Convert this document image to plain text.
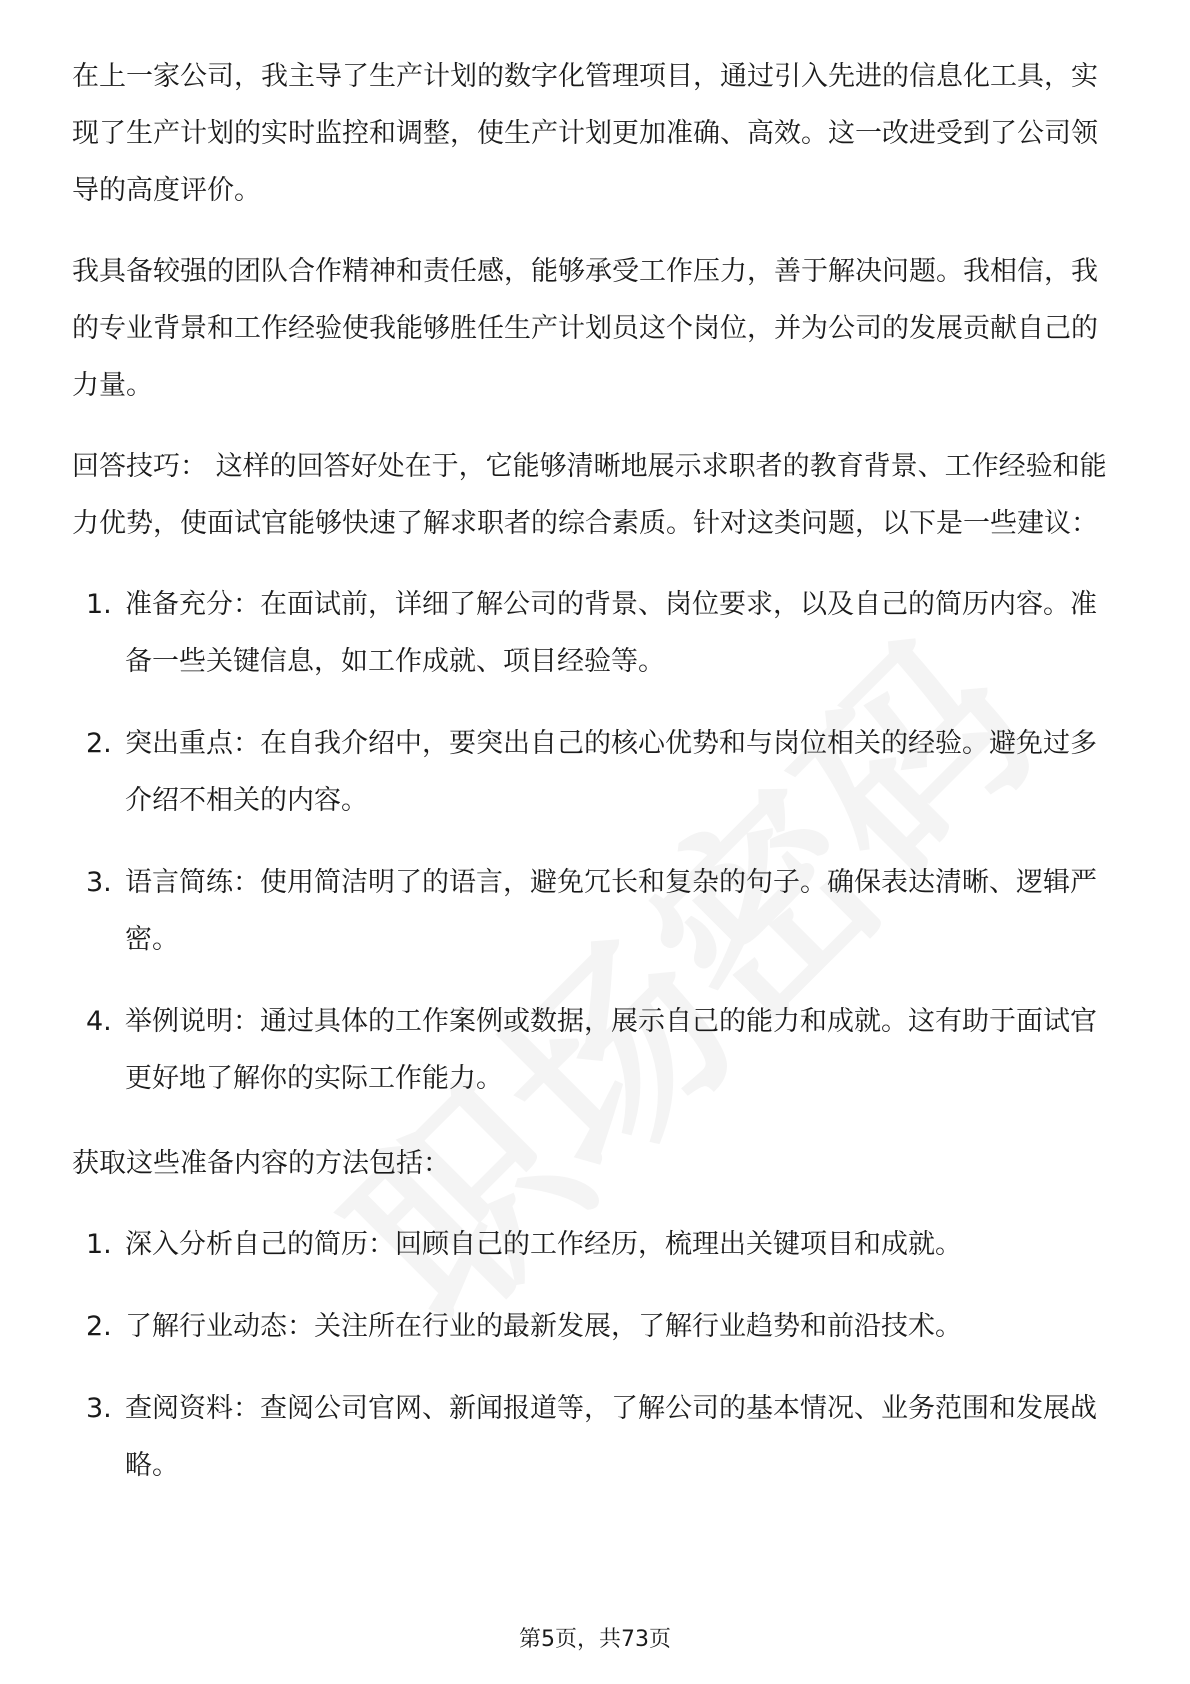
在上一家公司，我主导了生产计划的数字化管理项目，通过引入先进的信息化工具，实现了生产计划的实时监控和调整，使生产计划更加准确、高效。这一改进受到了公司领导的高度评价。

我具备较强的团队合作精神和责任感，能够承受工作压力，善于解决问题。我相信，我的专业背景和工作经验使我能够胜任生产计划员这个岗位，并为公司的发展贡献自己的力量。

回答技巧： 这样的回答好处在于，它能够清晰地展示求职者的教育背景、工作经验和能力优势，使面试官能够快速了解求职者的综合素质。针对这类问题，以下是一些建议：

1. 准备充分：在面试前，详细了解公司的背景、岗位要求，以及自己的简历内容。准备一些关键信息，如工作成就、项目经验等。
2. 突出重点：在自我介绍中，要突出自己的核心优势和与岗位相关的经验。避免过多介绍不相关的内容。
3. 语言简练：使用简洁明了的语言，避免冗长和复杂的句子。确保表达清晰、逻辑严密。
4. 举例说明：通过具体的工作案例或数据，展示自己的能力和成就。这有助于面试官更好地了解你的实际工作能力。

获取这些准备内容的方法包括：

1. 深入分析自己的简历：回顾自己的工作经历，梳理出关键项目和成就。
2. 了解行业动态：关注所在行业的最新发展，了解行业趋势和前沿技术。
3. 查阅资料：查阅公司官网、新闻报道等，了解公司的基本情况、业务范围和发展战略。
第5页，共73页
